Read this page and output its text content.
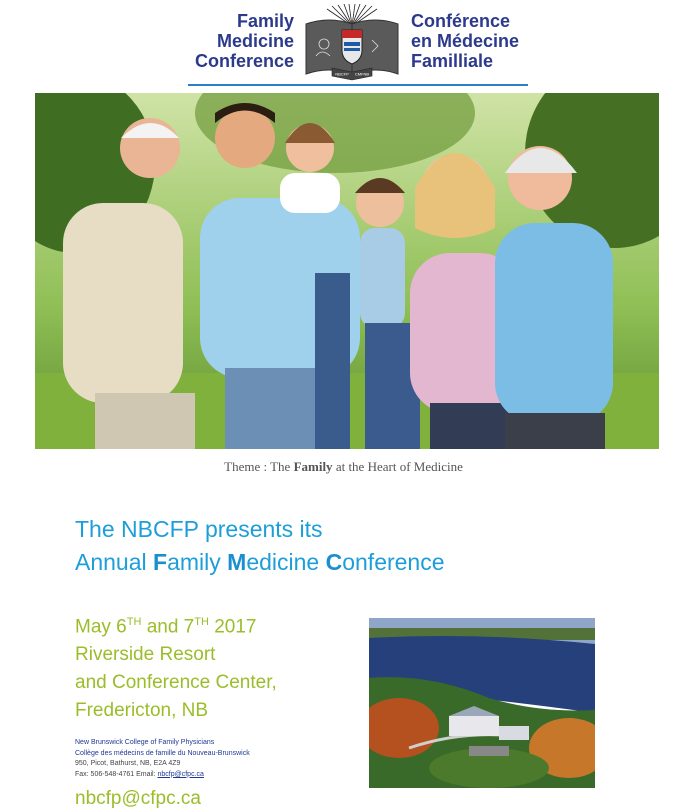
Family
Medicine
Conference
NBCFP CMFNB
Conférence
en Médecine
Familliale
Theme : The Family at the Heart of Medicine
The NBCFP presents its
Annual Family Medicine Conference
May 6TH and 7TH 2017
Riverside Resort
and Conference Center,
Fredericton, NB
New Brunswick College of Family Physicians
Collège des médecins de famille du Nouveau-Brunswick
950, Picot, Bathurst, NB, E2A 4Z9
Fax: 506-548-4761 Email: nbcfp@cfpc.ca
nbcfp@cfpc.ca
